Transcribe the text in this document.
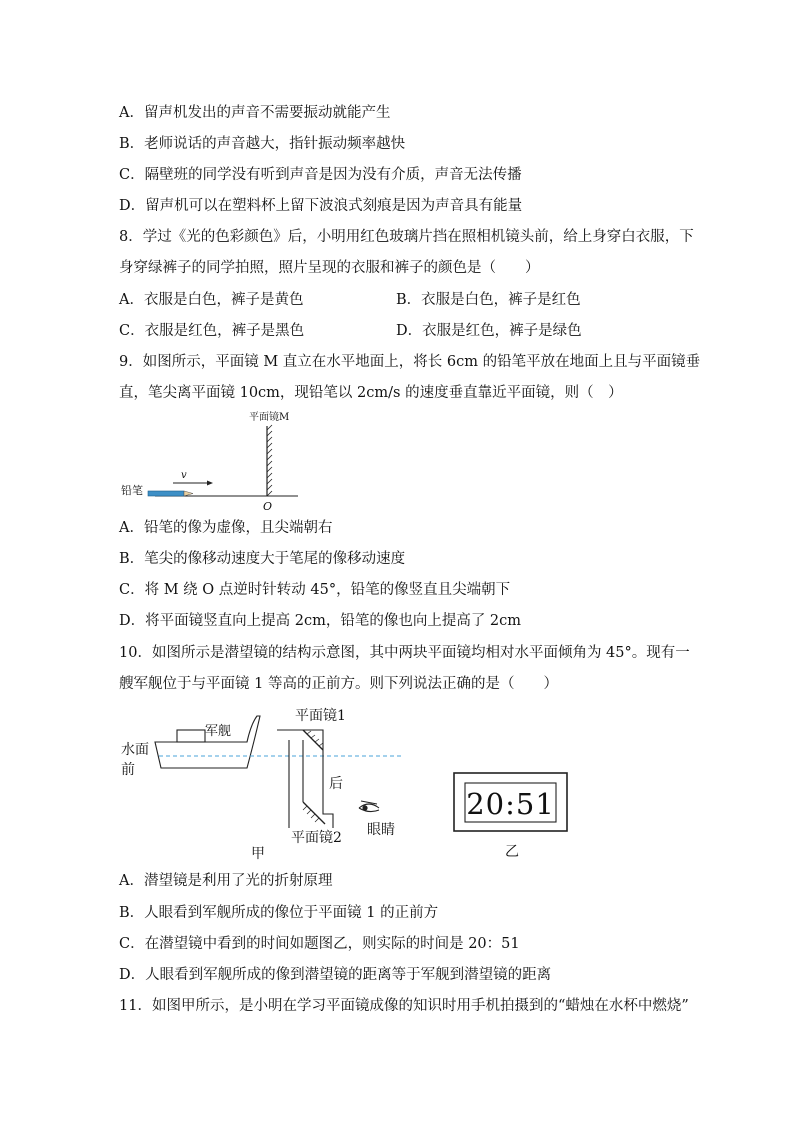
A．留声机发出的声音不需要振动就能产生
B．老师说话的声音越大，指针振动频率越快
C．隔壁班的同学没有听到声音是因为没有介质，声音无法传播
D．留声机可以在塑料杯上留下波浪式刻痕是因为声音具有能量
8．学过《光的色彩颜色》后，小明用红色玻璃片挡在照相机镜头前，给上身穿白衣服，下
身穿绿裤子的同学拍照，照片呈现的衣服和裤子的颜色是（　　）
A．衣服是白色，裤子是黄色	B．衣服是白色，裤子是红色
C．衣服是红色，裤子是黑色	D．衣服是红色，裤子是绿色
9．如图所示，平面镜 M 直立在水平地面上，将长 6cm 的铅笔平放在地面上且与平面镜垂
直，笔尖离平面镜 10cm，现铅笔以 2cm/s 的速度垂直靠近平面镜，则（　）
平面镜M
铅笔
v
O
A．铅笔的像为虚像，且尖端朝右
B．笔尖的像移动速度大于笔尾的像移动速度
C．将 M 绕 O 点逆时针转动 45°，铅笔的像竖直且尖端朝下
D．将平面镜竖直向上提高 2cm，铅笔的像也向上提高了 2cm
10．如图所示是潜望镜的结构示意图，其中两块平面镜均相对水平面倾角为 45°。现有一
艘军舰位于与平面镜 1 等高的正前方。则下列说法正确的是（　　）
水面
前
军舰
平面镜1
平面镜2
后
眼睛
甲
20:51
乙
A．潜望镜是利用了光的折射原理
B．人眼看到军舰所成的像位于平面镜 1 的正前方
C．在潜望镜中看到的时间如题图乙，则实际的时间是 20：51
D．人眼看到军舰所成的像到潜望镜的距离等于军舰到潜望镜的距离
11．如图甲所示，是小明在学习平面镜成像的知识时用手机拍摄到的“蜡烛在水杯中燃烧”
